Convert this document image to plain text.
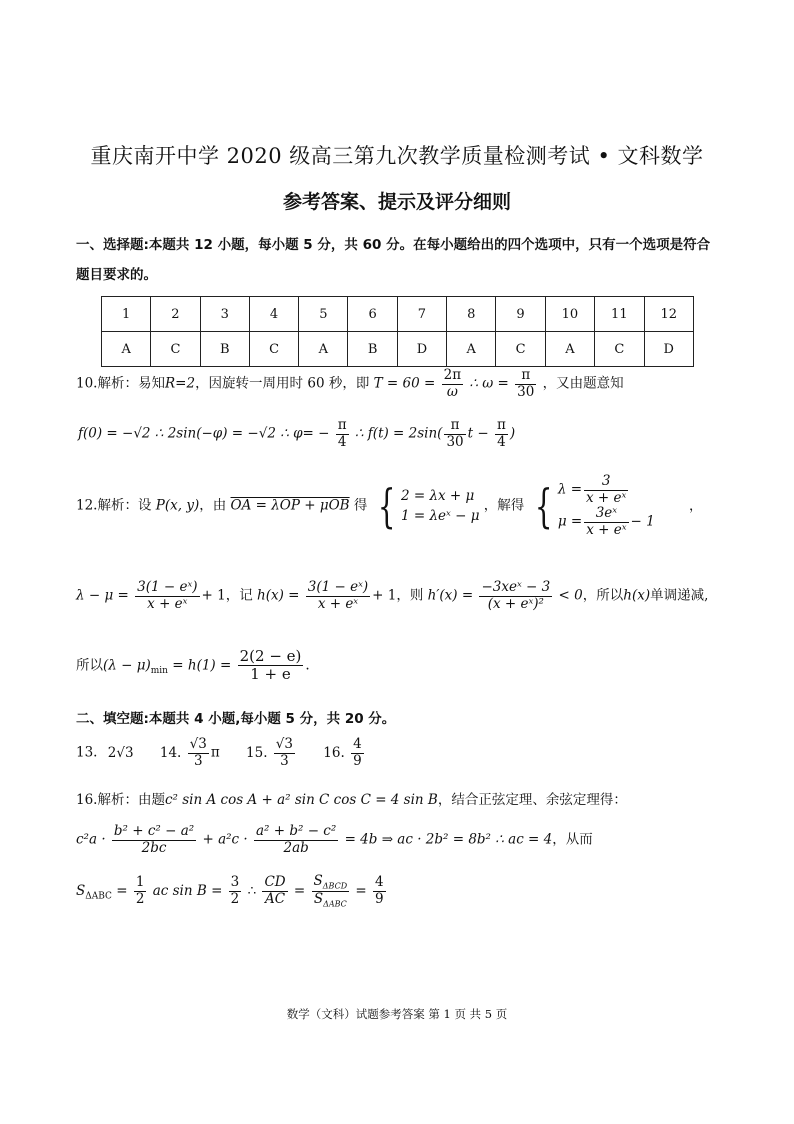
重庆南开中学 2020 级高三第九次教学质量检测考试 • 文科数学
参考答案、提示及评分细则
一、选择题:本题共 12 小题，每小题 5 分，共 60 分。在每小题给出的四个选项中，只有一个选项是符合
题目要求的。
1	2	3	4	5	6	7	8	9	10	11	12
A	C	B	C	A	B	D	A	C	A	C	D
10.解析：易知R=2，因旋转一周用时 60 秒，即 $T = 60 = \frac{2\pi}{\omega}$ ∴ $\omega = \frac{\pi}{30}$ ，又由题意知
f(0) = −√2 ∴ 2sin(−φ) = −√2 ∴ $\varphi= - \frac{\pi}{4}$ ∴ $f(t) = 2\sin( \frac{\pi}{30}$ $t - \frac{\pi}{4}$ )
12.解析：设 P(x, y)，由 OA = λOP + μOB 得 { 2 = λx + μ
1 = λeˣ − μ
，解得 { $\lambda = \frac{3}{\text{x + eˣ}}$
$\mu = \frac{\text{3eˣ}}{\text{x + eˣ}} - 1$
，
$\lambda - \mu = \frac{\text{3(1 − eˣ)}}{\text{x + eˣ}} + 1$，记 $h(x) = \frac{\text{3(1 − eˣ)}}{\text{x + eˣ}} + 1$，则 $h'(x) = \frac{\text{−3xeˣ − 3}}{\text{(x + eˣ)²}} < 0$，所以h(x)单调递减,
所以$(\lambda - \mu)_{min} = h(1) = \frac{2(2 - e)}{1 + e}$ .
二、填空题:本题共 4 小题,每小题 5 分，共 20 分。
13. 2√3 14. $\frac{√3}{3}$ π 15. $\frac{√3}{3} 16$. $\frac{4}{9}$
16.解析：由题c² sin A cos A + a² sin C cos C = 4 sin B，结合正弦定理、余弦定理得：
$c^2a \cdot \frac{\text{b² + c² − a²}}{2bc} + a^2c \cdot \frac{\text{a² + b² − c²}}{2ab} = 4b$ ⇒ ac · 2b² = 8b² ∴ ac = 4，从而
$S_{\Delta ABC} = \frac{1}{2}$ ac $\sin B = \frac{3}{2}$ ∴ $\frac{CD}{AC} = \frac{S_{\Delta BCD}}{S_{\Delta ABC}} = \frac{4}{9}$
数学（文科）试题参考答案 第 1 页 共 5 页
